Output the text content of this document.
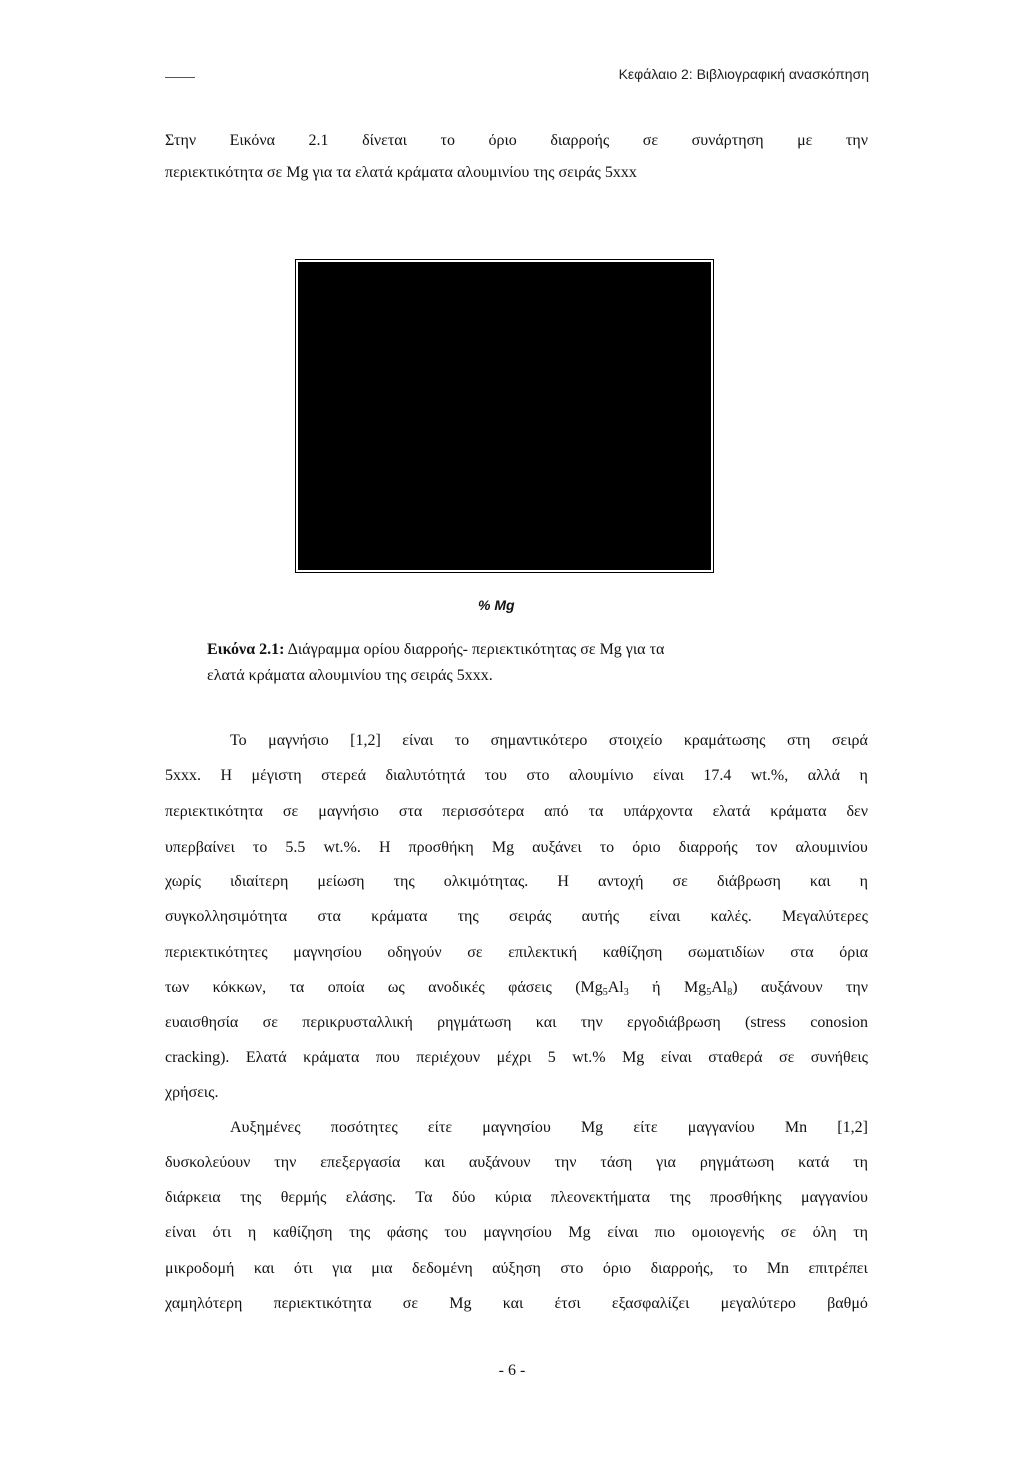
Κεφάλαιο 2: Βιβλιογραφική ανασκόπηση
Στην Εικόνα 2.1 δίνεται το όριο διαρροής σε συνάρτηση με την
περιεκτικότητα σε Mg για τα ελατά κράματα αλουμινίου της σειράς 5xxx
% Mg
Εικόνα 2.1: Διάγραμμα ορίου διαρροής- περιεκτικότητας σε Mg για τα
ελατά κράματα αλουμινίου της σειράς 5xxx.
Το μαγνήσιο [1,2] είναι το σημαντικότερο στοιχείο κραμάτωσης στη σειρά
5xxx. Η μέγιστη στερεά διαλυτότητά του στο αλουμίνιο είναι 17.4 wt.%, αλλά η
περιεκτικότητα σε μαγνήσιο στα περισσότερα από τα υπάρχοντα ελατά κράματα δεν
υπερβαίνει το 5.5 wt.%. Η προσθήκη Mg αυξάνει το όριο διαρροής τον αλουμινίου
χωρίς ιδιαίτερη μείωση της ολκιμότητας. Η αντοχή σε διάβρωση και η
συγκολλησιμότητα στα κράματα της σειράς αυτής είναι καλές. Μεγαλύτερες
περιεκτικότητες μαγνησίου οδηγούν σε επιλεκτική καθίζηση σωματιδίων στα όρια
των κόκκων, τα οποία ως ανοδικές φάσεις ($Mg_5Al_3$ ή $Mg_5Al_8$) αυξάνουν την
ευαισθησία σε περικρυσταλλική ρηγμάτωση και την εργοδιάβρωση (stress conosion
cracking). Ελατά κράματα που περιέχουν μέχρι 5 wt.% Mg είναι σταθερά σε συνήθεις
χρήσεις.
Αυξημένες ποσότητες είτε μαγνησίου Mg είτε μαγγανίου Mn [1,2]
δυσκολεύουν την επεξεργασία και αυξάνουν την τάση για ρηγμάτωση κατά τη
διάρκεια της θερμής ελάσης. Τα δύο κύρια πλεονεκτήματα της προσθήκης μαγγανίου
είναι ότι η καθίζηση της φάσης του μαγνησίου Mg είναι πιο ομοιογενής σε όλη τη
μικροδομή και ότι για μια δεδομένη αύξηση στο όριο διαρροής, το Mn επιτρέπει
χαμηλότερη περιεκτικότητα σε Mg και έτσι εξασφαλίζει μεγαλύτερο βαθμό
- 6 -
